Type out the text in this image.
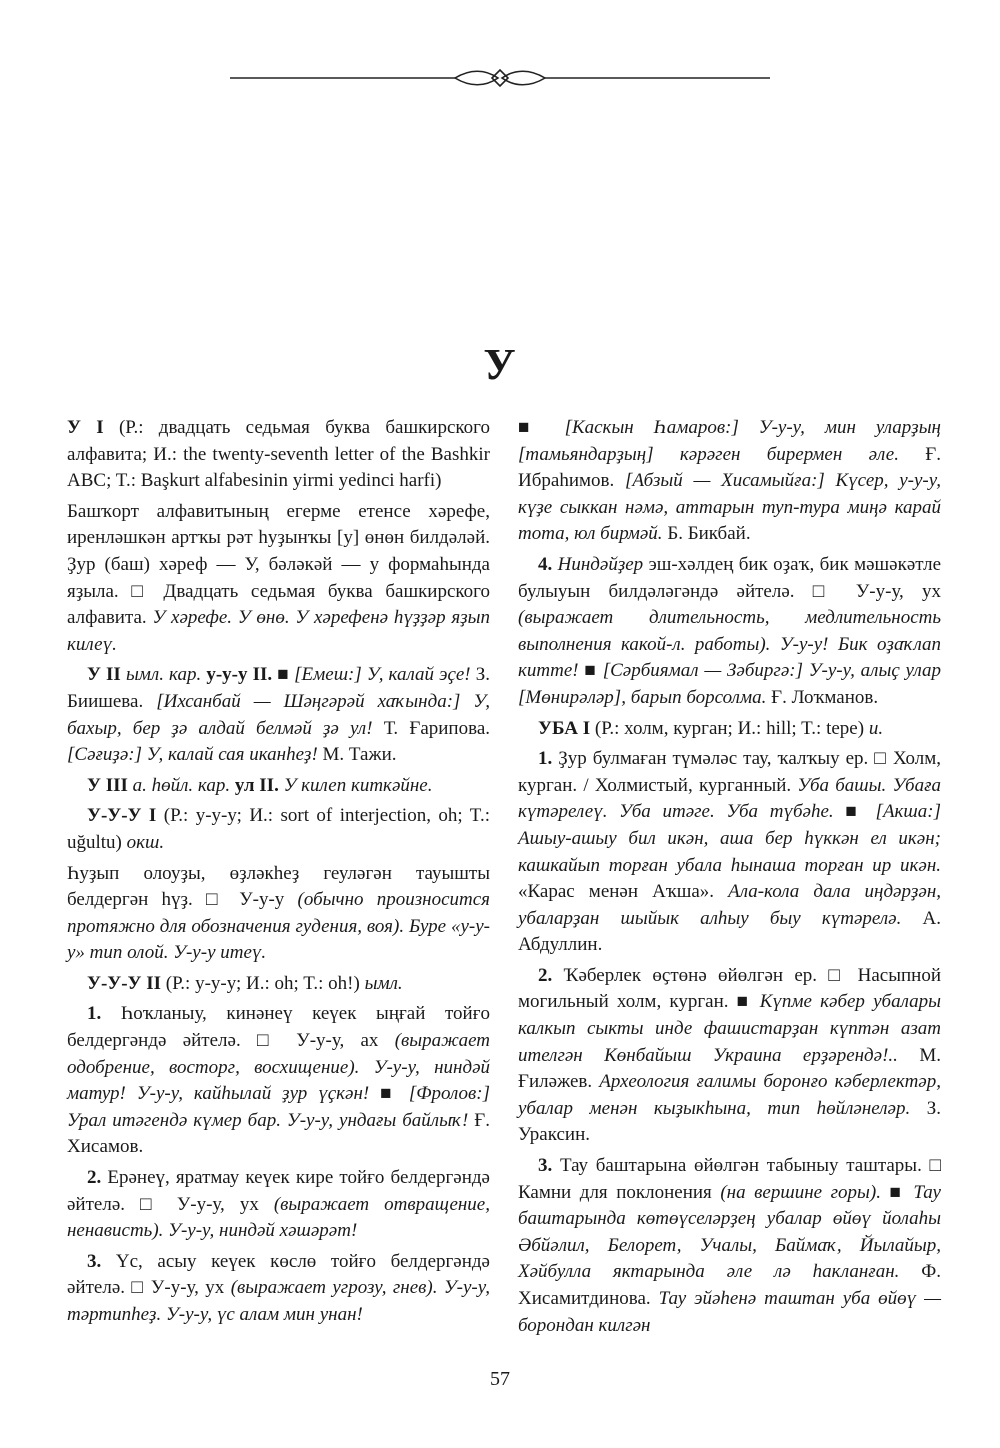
У

У I (Р.: двадцать седьмая буква башкирского алфавита; И.: the twenty-seventh letter of the Bashkir ABC; T.: Başkurt alfabesinin yirmi yedinci harfi)

Башҡорт алфавитының егерме етенсе хәрефе, иренләшкән артҡы рәт һуҙынҡы [у] өнөн билдәләй. Ҙур (баш) хәреф — У, бәләкәй — у формаһында яҙыла. □ Двадцать седьмая буква башкирского алфавита. У хәрефе. У өнө. У хәрефенә һүҙҙәр яҙып килеү.

У II ымл. кар. у-у-у II. ■ [Емеш:] У, калай эҫе! З. Биишева. [Ихсанбай — Шәңгәрәй хаҡында:] У, бахыр, бер ҙә алдай белмәй ҙә ул! Т. Ғарипова. [Сәғиҙә:] У, калай сая иканһеҙ! М. Тажи.

У III а. һөйл. кар. ул II. У килеп киткәйне.

У-У-У I (Р.: у-у-у; И.: sort of interjection, oh; T.: uğultu) окш.

Һуҙып олоуҙы, өҙләкһеҙ геуләгән тауышты белдергән һүҙ. □ У-у-у (обычно произносится протяжно для обозначения гудения, воя). Буре «у-у-у» тип олой. У-у-у итеү.

У-У-У II (Р.: у-у-у; И.: oh; T.: oh!) ымл.

1. Һоҡланыу, кинәнеү кеүек ыңғай тойғо белдергәндә әйтелә. □ У-у-у, ах (выражает одобрение, восторг, восхищение). У-у-у, ниндәй матур! У-у-у, кайһылай ҙур үҫкән! ■ [Фролов:] Урал итәгендә күмер бар. У-у-у, ундағы байлыҡ! Ғ. Хисамов.

2. Ерәнеү, яратмау кеүек кире тойғо белдергәндә әйтелә. □ У-у-у, ух (выражает отвращение, ненависть). У-у-у, ниндәй хәшәрәт!

3. Үс, асыу кеүек көслө тойғо белдергәндә әйтелә. □ У-у-у, ух (выражает угрозу, гнев). У-у-у, тәртипһеҙ. У-у-у, үс алам мин унан!

■ [Каскын Һамаров:] У-у-у, мин уларҙың [тамьяндарҙың] кәрәген бирермен әле. Ғ. Ибраһимов. [Абзый — Хисамыйға:] Күсер, у-у-у, күҙе сыккан нәмә, аттарын туп-тура миңә карай тота, юл бирмәй. Б. Бикбай.

4. Ниндәйҙер эш-хәлдең бик оҙаҡ, бик мәшәкәтле булыуын билдәләгәндә әйтелә. □ У-у-у, ух (выражает длительность, медлительность выполнения какой-л. работы). У-у-у! Бик оҙаҡлап китте! ■ [Сәрбиямал — Зәбиргә:] У-у-у, алыҫ улар [Мөнирәләр], барып борсолма. Ғ. Лоҡманов.

УБА I (Р.: холм, курган; И.: hill; T.: tepe) и.

1. Ҙур булмаған түмәләс тау, ҡалҡыу ер. □ Холм, курган. / Холмистый, курганный. Уба башы. Убаға күтәрелеү. Уба итәге. Уба түбәһе. ■ [Акша:] Ашыу-ашыу бил икән, аша бер һүккән ел икән; кашкайып торған убала һынаша торған ир икән. «Карас менән Аҡша». Ала-кола дала иңдәрҙән, убаларҙан шыйык алһыу быу күтәрелә. А. Абдуллин.

2. Ҡәберлек өҫтөнә өйөлгән ер. □ Насыпной могильный холм, курган. ■ Күпме кәбер убалары калкып сыкты инде фашистарҙан күптән азат ителгән Көнбайыш Украина ерҙәрендә!.. М. Ғиләжев. Археология ғалимы боронғо кәберлектәр, убалар менән кыҙыкһына, тип һөйләнеләр. З. Ураксин.

3. Тау баштарына өйөлгән табыныу таштары. □ Камни для поклонения (на вершине горы). ■ Тау баштарында көтөүселәрҙең убалар өйөү йолаһы Әбйәлил, Белорет, Учалы, Баймаҡ, Йылайыр, Хәйбулла яктарында әле лә һакланған. Ф. Хисамитдинова. Тау эйәһенә таштан уба өйөү — борондан килгән

57
